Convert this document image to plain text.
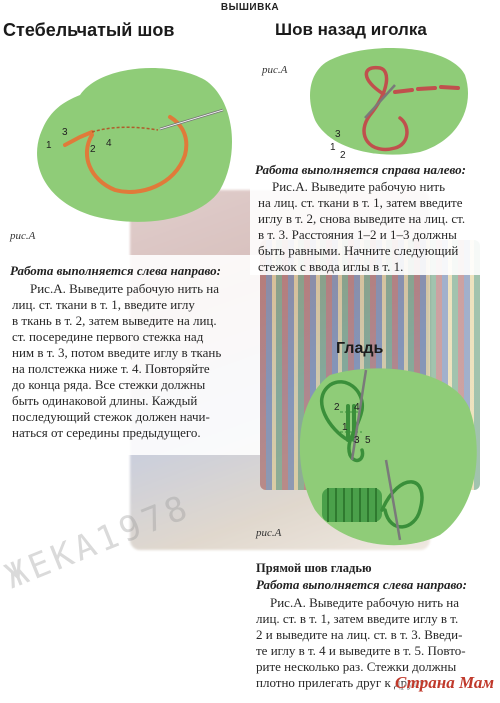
ВЫШИВКА
Стебельчатый шов
1
3
2
4
рис.А
Работа выполняется слева направо:
Рис.А. Выведите рабочую нить на
лиц. ст. ткани в т. 1, введите иглу
в ткань в т. 2, затем выведите на лиц.
ст. посередине первого стежка над
ним в т. 3, потом введите иглу в ткань
на полстежка ниже т. 4. Повторяйте
до конца ряда. Все стежки должны
быть одинаковой длины. Каждый
последующий стежок должен начи-
наться от середины предыдущего.
Шов назад иголка
3
1
2
рис.А
Работа выполняется справа налево:
Рис.А. Выведите рабочую нить
на лиц. ст. ткани в т. 1, затем введите
иглу в т. 2, снова выведите на лиц. ст.
в т. 3. Расстояния 1–2 и 1–3 должны
быть равными. Начните следующий
стежок с ввода иглы в т. 1.
Гладь
2 4
1
3 5
рис.А
Прямой шов гладью
Работа выполняется слева направо:
Рис.А. Выведите рабочую нить на
лиц. ст. в т. 1, затем введите иглу в т.
2 и выведите на лиц. ст. в т. 3. Введи-
те иглу в т. 4 и выведите в т. 5. Повто-
рите несколько раз. Стежки должны
плотно прилегать друг к другу.
ЖЕКА1978
Страна Мам
